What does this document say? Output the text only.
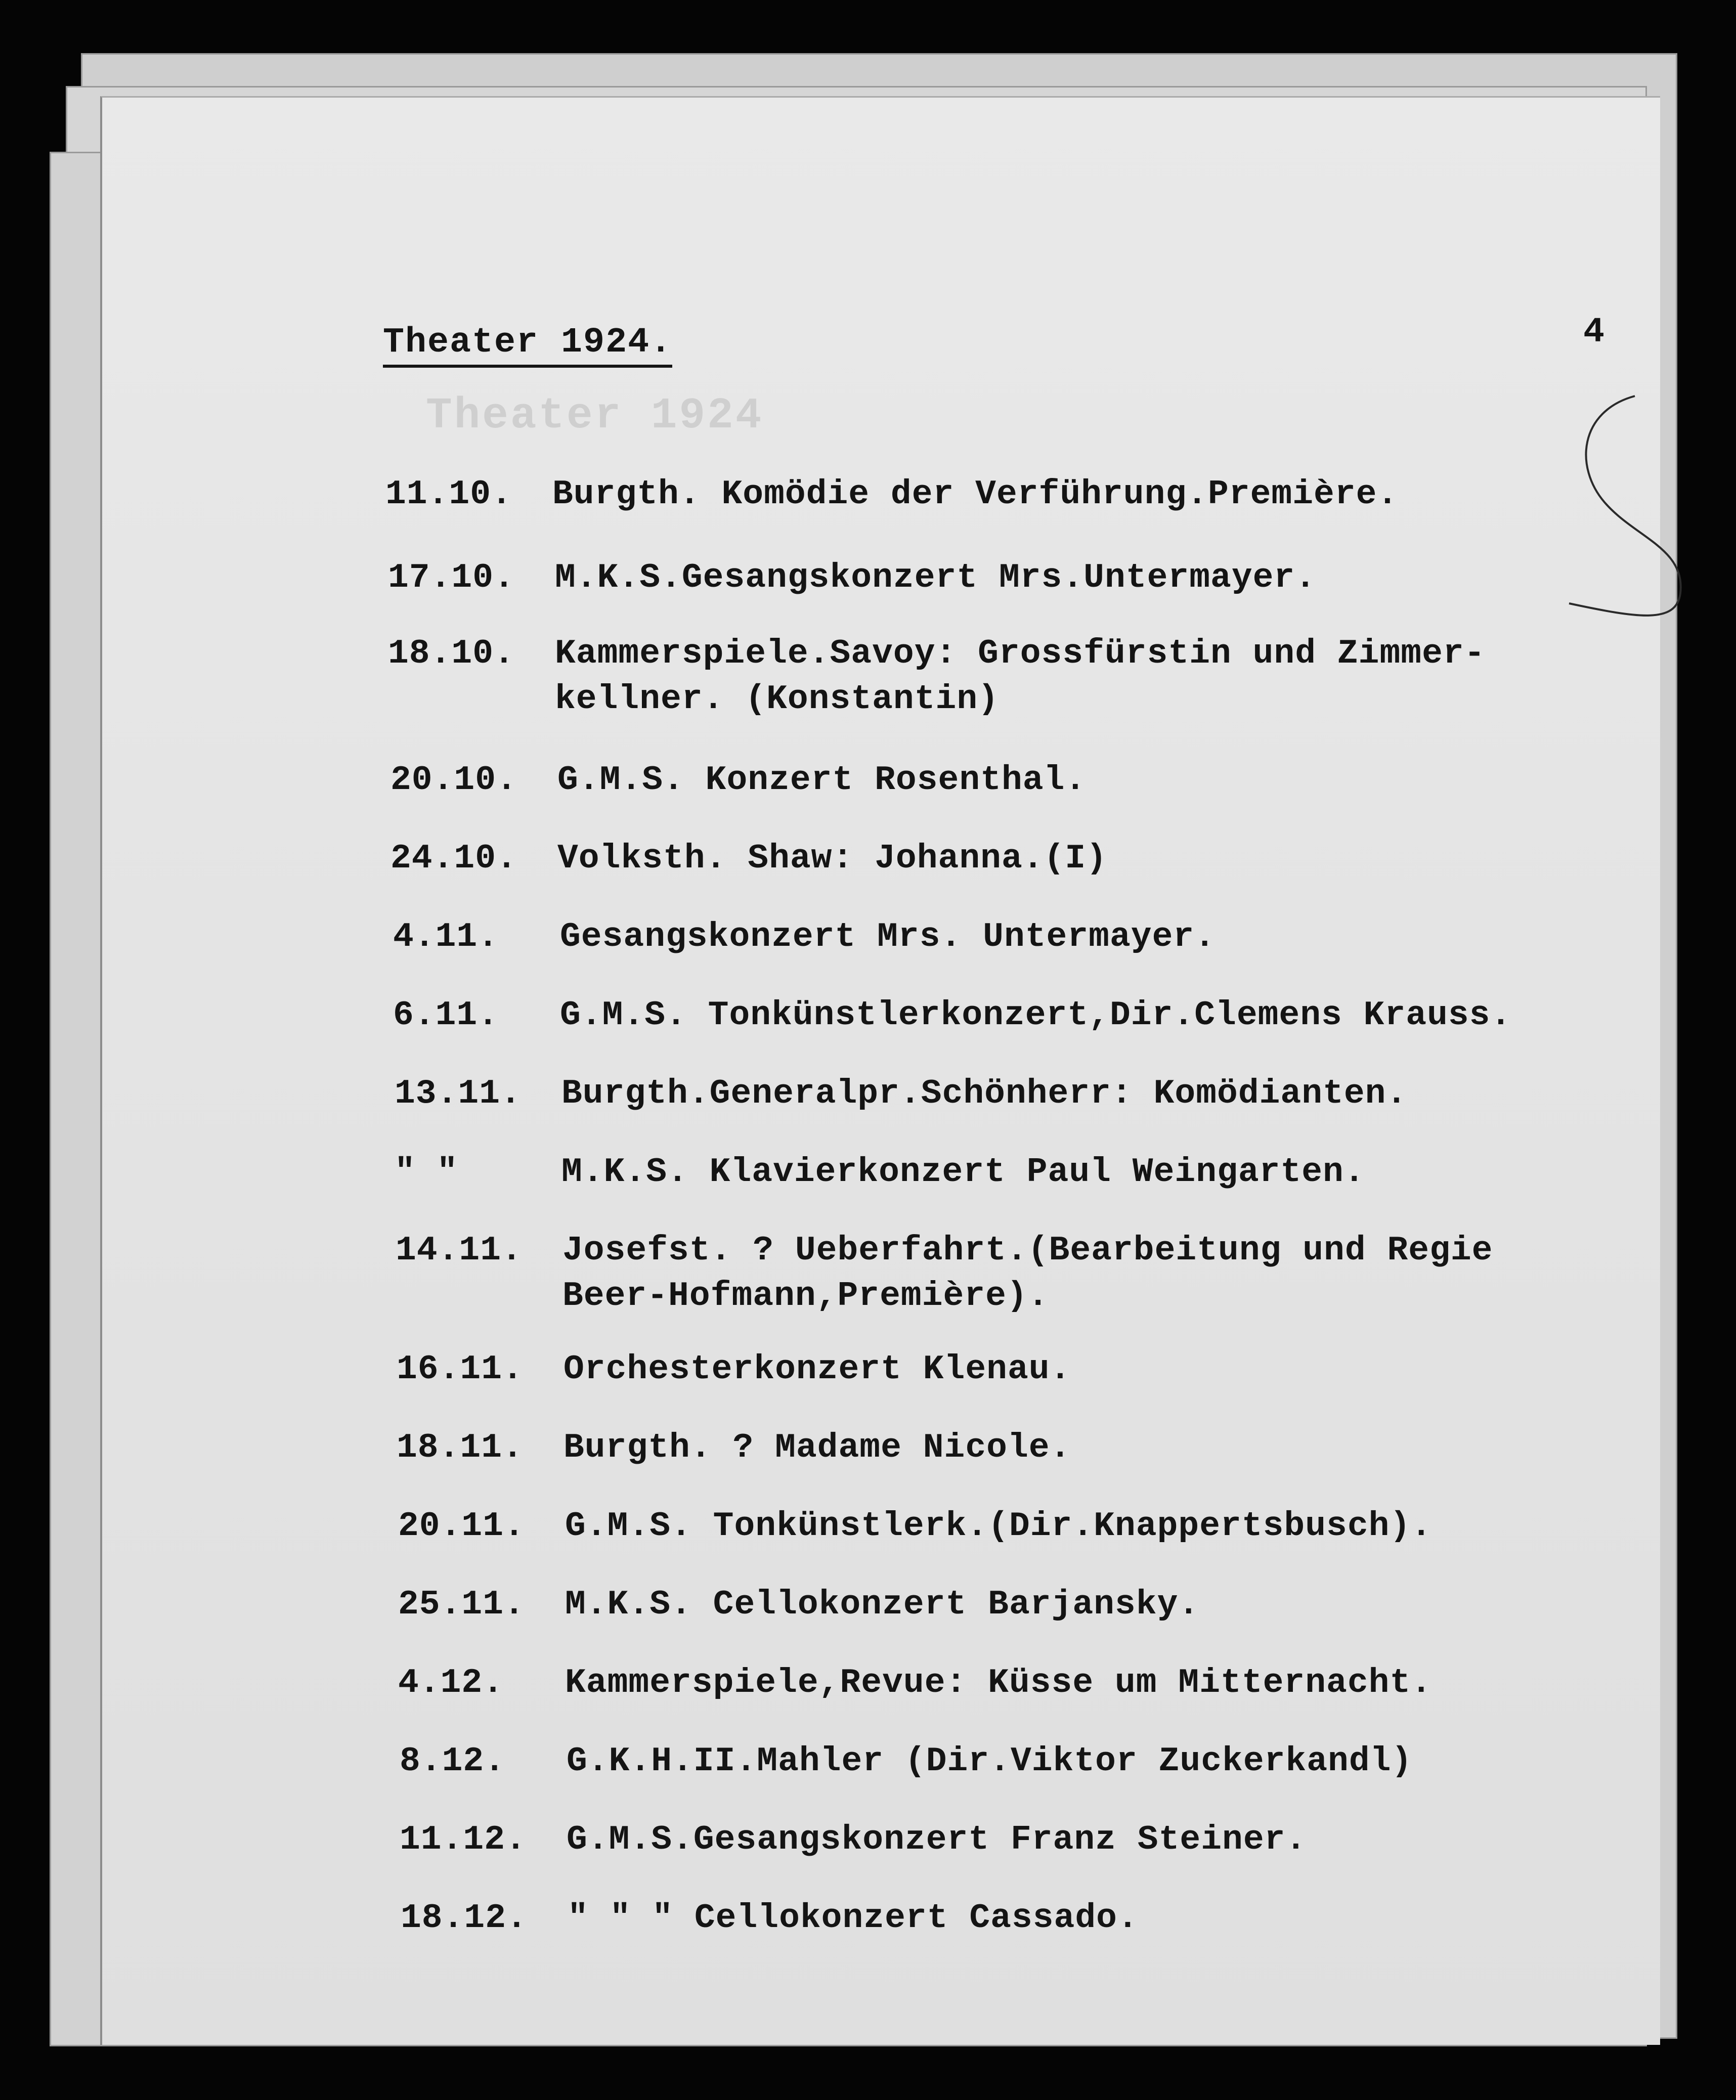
Theater 1924
Theater 1924.	4
11.10. Burgth. Komödie der Verführung.Première.
17.10. M.K.S.Gesangskonzert Mrs.Untermayer.
18.10. Kammerspiele.Savoy: Grossfürstin und Zimmer-
kellner. (Konstantin)
20.10. G.M.S. Konzert Rosenthal.
24.10. Volksth. Shaw: Johanna.(I)
4.11. Gesangskonzert Mrs. Untermayer.
6.11. G.M.S. Tonkünstlerkonzert,Dir.Clemens Krauss.
13.11. Burgth.Generalpr.Schönherr: Komödianten.
" "	M.K.S. Klavierkonzert Paul Weingarten.
14.11. Josefst. ? Ueberfahrt.(Bearbeitung und Regie
Beer-Hofmann,Première).
16.11. Orchesterkonzert Klenau.
18.11. Burgth. ? Madame Nicole.
20.11. G.M.S. Tonkünstlerk.(Dir.Knappertsbusch).
25.11. M.K.S. Cellokonzert Barjansky.
4.12. Kammerspiele,Revue: Küsse um Mitternacht.
8.12. G.K.H.II.Mahler (Dir.Viktor Zuckerkandl)
11.12. G.M.S.Gesangskonzert Franz Steiner.
18.12. " " " Cellokonzert Cassado.
